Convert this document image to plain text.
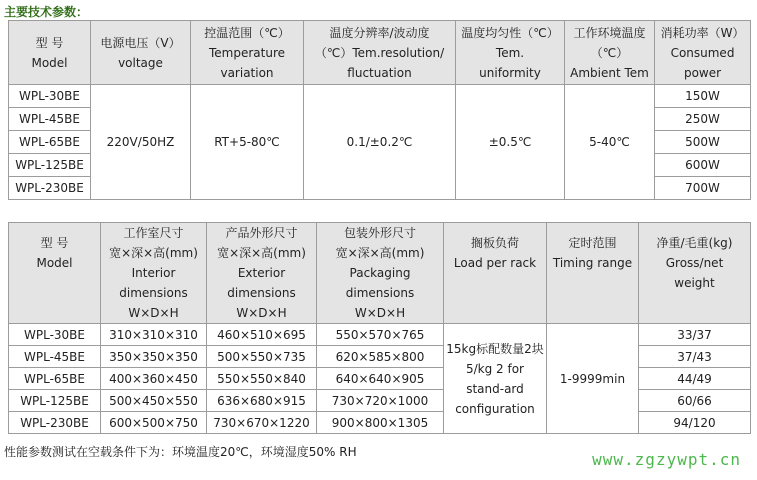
主要技术参数：
型 号
Model	电源电压（V）
voltage	控温范围（℃）
Temperature
variation	温度分辨率/波动度
（℃）Tem.resolution/
fluctuation	温度均匀性（℃）
Tem.
uniformity	工作环境温度
（℃）
Ambient Tem	消耗功率（W）
Consumed
power

WPL-30BE	220V/50HZ	RT+5-80℃	0.1/±0.2℃	±0.5℃	5-40℃	150W
WPL-45BE						250W
WPL-65BE						500W
WPL-125BE						600W
WPL-230BE						700W
型 号
Model	工作室尺寸
宽×深×高(mm)
Interior
dimensions
W×D×H	产品外形尺寸
宽×深×高(mm)
Exterior
dimensions
W×D×H	包装外形尺寸
宽×深×高(mm)
Packaging
dimensions
W×D×H	搁板负荷
Load per rack	定时范围
Timing range	净重/毛重(kg)
Gross/net
weight

WPL-30BE	310×310×310	460×510×695	550×570×765	15kg标配数量2块
5/kg 2 for
stand-ard
configuration	1-9999min	33/37
WPL-45BE	350×350×350	500×550×735	620×585×800			37/43
WPL-65BE	400×360×450	550×550×840	640×640×905			44/49
WPL-125BE	500×450×550	636×680×915	730×720×1000			60/66
WPL-230BE	600×500×750	730×670×1220	900×800×1305			94/120
性能参数测试在空载条件下为：环境温度20℃，环境湿度50% RH	www.zgzywpt.cn
